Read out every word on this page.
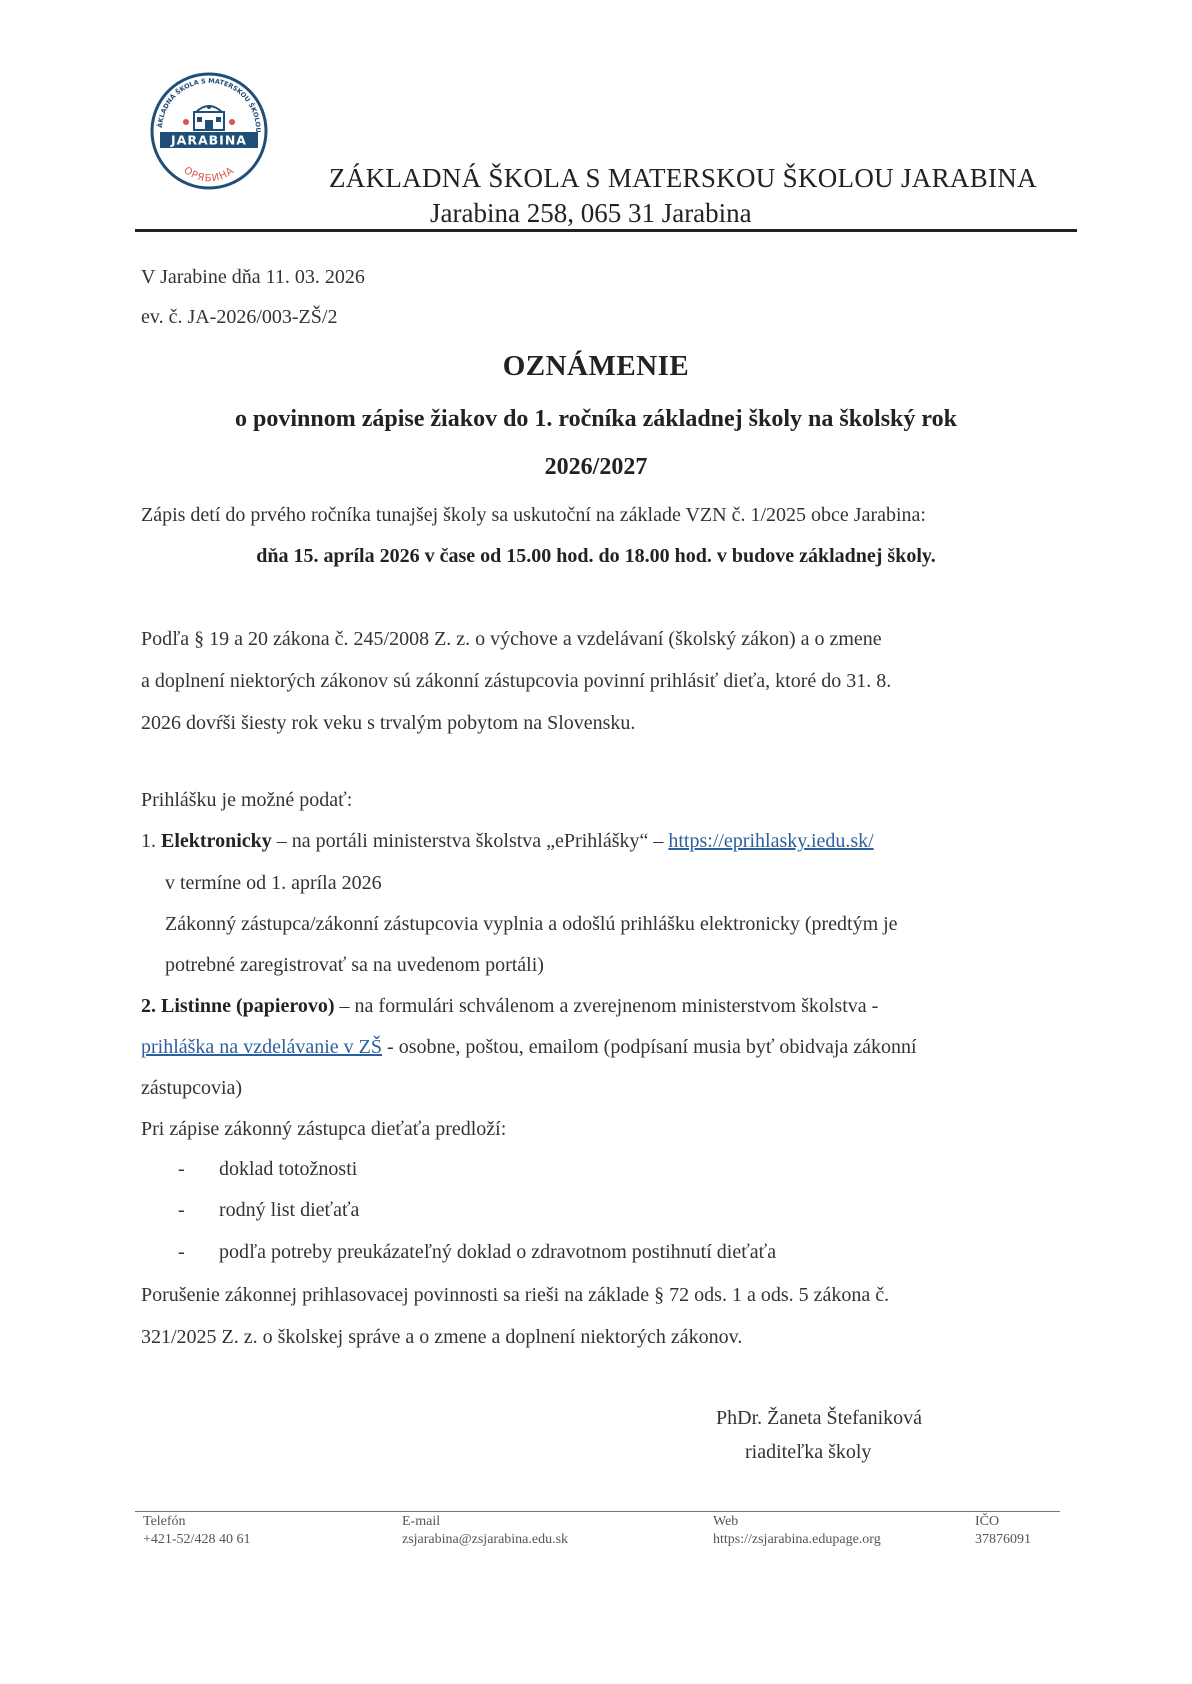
JARABINA
ОРЯБИНА
ÁKLADNÁ ŠKOLA S MATERSKOU ŠKOLOU
ZÁKLADNÁ ŠKOLA S MATERSKOU ŠKOLOU JARABINA
Jarabina 258, 065 31 Jarabina
V Jarabine dňa 11. 03. 2026
ev. č. JA-2026/003-ZŠ/2
OZNÁMENIE
o povinnom zápise žiakov do 1. ročníka základnej školy na školský rok
2026/2027
Zápis detí do prvého ročníka tunajšej školy sa uskutoční na základe VZN č. 1/2025 obce Jarabina:
dňa 15. apríla 2026 v čase od 15.00 hod. do 18.00 hod. v budove základnej školy.
Podľa § 19 a 20 zákona č. 245/2008 Z. z. o výchove a vzdelávaní (školský zákon) a o zmene
a doplnení niektorých zákonov sú zákonní zástupcovia povinní prihlásiť dieťa, ktoré do 31. 8.
2026 dovŕši šiesty rok veku s trvalým pobytom na Slovensku.
Prihlášku je možné podať:
1. Elektronicky – na portáli ministerstva školstva „ePrihlášky“ – https://eprihlasky.iedu.sk/
v termíne od 1. apríla 2026
Zákonný zástupca/zákonní zástupcovia vyplnia a odošlú prihlášku elektronicky (predtým je
potrebné zaregistrovať sa na uvedenom portáli)
2. Listinne (papierovo) – na formulári schválenom a zverejnenom ministerstvom školstva -
prihláška na vzdelávanie v ZŠ - osobne, poštou, emailom (podpísaní musia byť obidvaja zákonní
zástupcovia)
Pri zápise zákonný zástupca dieťaťa predloží:
- doklad totožnosti
- rodný list dieťaťa
- podľa potreby preukázateľný doklad o zdravotnom postihnutí dieťaťa
Porušenie zákonnej prihlasovacej povinnosti sa rieši na základe § 72 ods. 1 a ods. 5 zákona č.
321/2025 Z. z. o školskej správe a o zmene a doplnení niektorých zákonov.
PhDr. Žaneta Štefaniková
riaditeľka školy
Telefón
+421-52/428 40 61
E-mail
zsjarabina@zsjarabina.edu.sk
Web
https://zsjarabina.edupage.org
IČO
37876091
